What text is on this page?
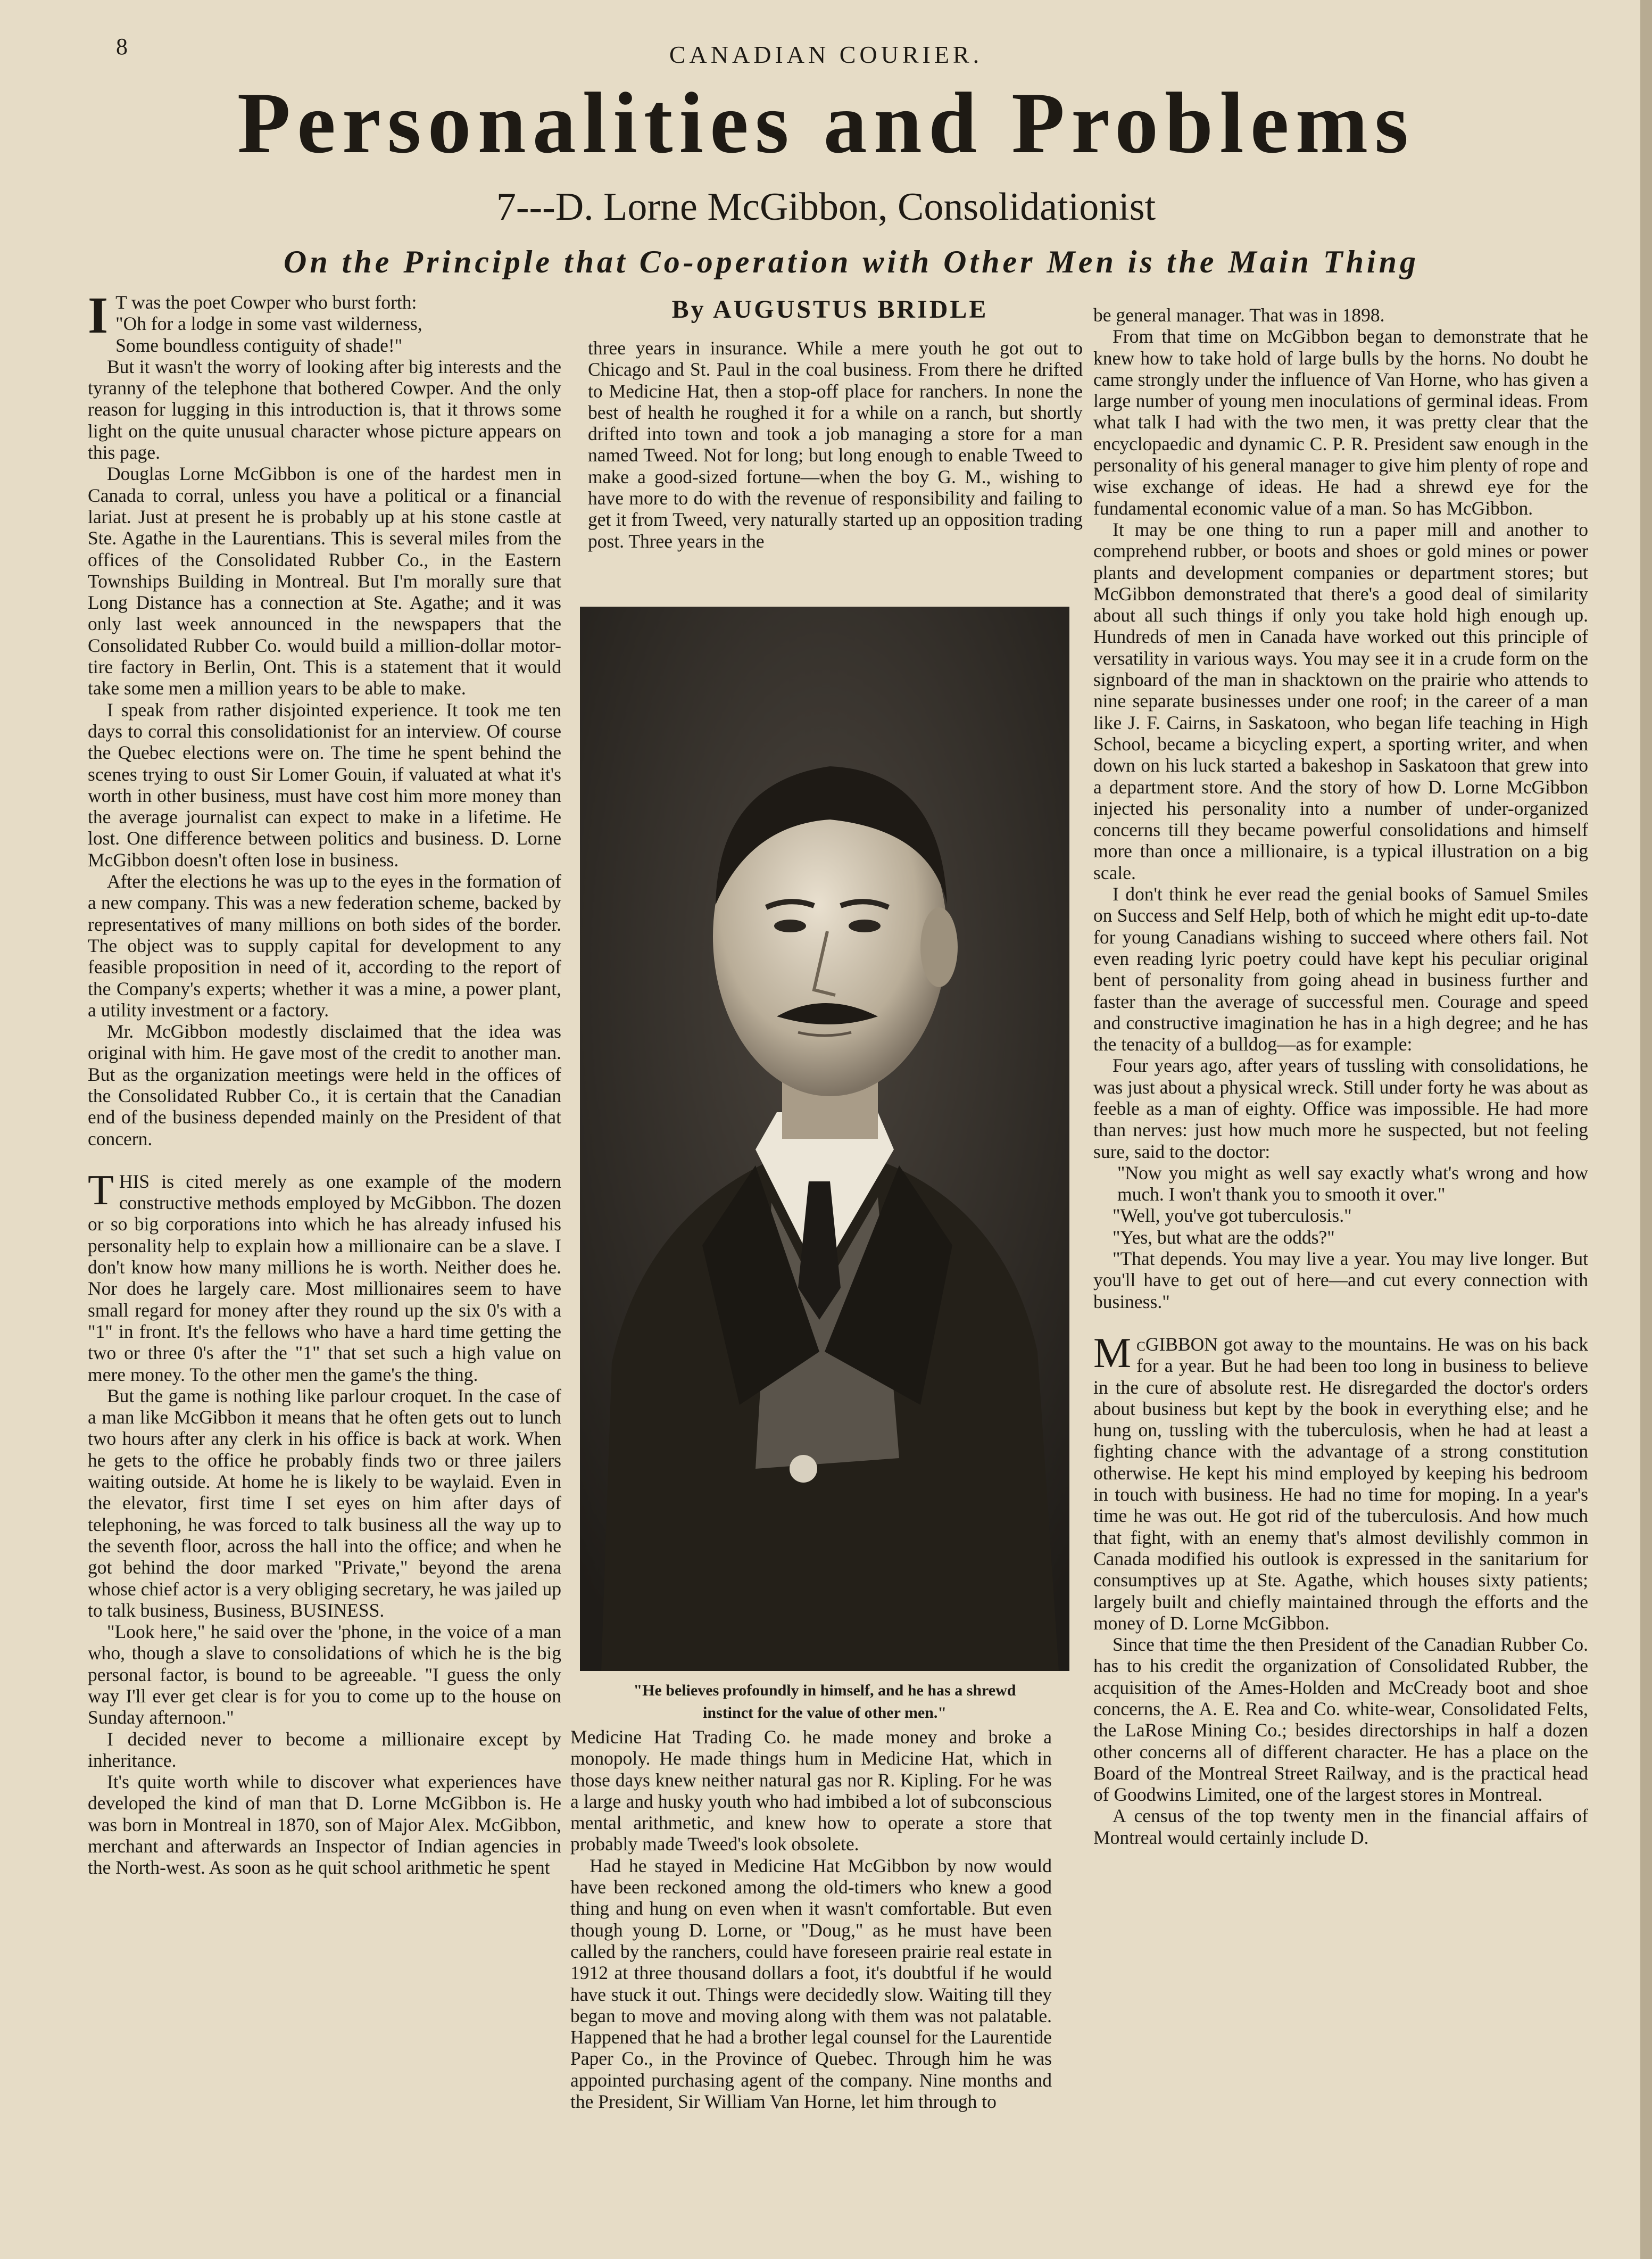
8	CANADIAN COURIER.
Personalities and Problems
7---D. Lorne McGibbon, Consolidationist
On the Principle that Co-operation with Other Men is the Main Thing
By AUGUSTUS BRIDLE

I T was the poet Cowper who burst forth:

"Oh for a lodge in some vast wilderness,

Some boundless contiguity of shade!"

But it wasn't the worry of looking after big interests and the tyranny of the telephone that bothered Cowper. And the only reason for lugging in this introduction is, that it throws some light on the quite unusual character whose picture appears on this page.

Douglas Lorne McGibbon is one of the hardest men in Canada to corral, unless you have a political or a financial lariat. Just at present he is probably up at his stone castle at Ste. Agathe in the Laurentians. This is several miles from the offices of the Consolidated Rubber Co., in the Eastern Townships Building in Montreal. But I'm morally sure that Long Distance has a connection at Ste. Agathe; and it was only last week announced in the newspapers that the Consolidated Rubber Co. would build a million-dollar motor-tire factory in Berlin, Ont. This is a statement that it would take some men a million years to be able to make.

I speak from rather disjointed experience. It took me ten days to corral this consolidationist for an interview. Of course the Quebec elections were on. The time he spent behind the scenes trying to oust Sir Lomer Gouin, if valuated at what it's worth in other business, must have cost him more money than the average journalist can expect to make in a lifetime. He lost. One difference between politics and business. D. Lorne McGibbon doesn't often lose in business.

After the elections he was up to the eyes in the formation of a new company. This was a new federation scheme, backed by representatives of many millions on both sides of the border. The object was to supply capital for development to any feasible proposition in need of it, according to the report of the Company's experts; whether it was a mine, a power plant, a utility investment or a factory.

Mr. McGibbon modestly disclaimed that the idea was original with him. He gave most of the credit to another man. But as the organization meetings were held in the offices of the Consolidated Rubber Co., it is certain that the Canadian end of the business depended mainly on the President of that concern.

THIS is cited merely as one example of the modern constructive methods employed by McGibbon. The dozen or so big corporations into which he has already infused his personality help to explain how a millionaire can be a slave. I don't know how many millions he is worth. Neither does he. Nor does he largely care. Most millionaires seem to have small regard for money after they round up the six 0's with a "1" in front. It's the fellows who have a hard time getting the two or three 0's after the "1" that set such a high value on mere money. To the other men the game's the thing.

But the game is nothing like parlour croquet. In the case of a man like McGibbon it means that he often gets out to lunch two hours after any clerk in his office is back at work. When he gets to the office he probably finds two or three jailers waiting outside. At home he is likely to be waylaid. Even in the elevator, first time I set eyes on him after days of telephoning, he was forced to talk business all the way up to the seventh floor, across the hall into the office; and when he got behind the door marked "Private," beyond the arena whose chief actor is a very obliging secretary, he was jailed up to talk business, Business, BUSINESS.

"Look here," he said over the 'phone, in the voice of a man who, though a slave to consolidations of which he is the big personal factor, is bound to be agreeable. "I guess the only way I'll ever get clear is for you to come up to the house on Sunday afternoon."

I decided never to become a millionaire except by inheritance.

It's quite worth while to discover what experiences have developed the kind of man that D. Lorne McGibbon is. He was born in Montreal in 1870, son of Major Alex. McGibbon, merchant and afterwards an Inspector of Indian agencies in the North-west. As soon as he quit school arithmetic he spent

three years in insurance. While a mere youth he got out to Chicago and St. Paul in the coal business. From there he drifted to Medicine Hat, then a stop-off place for ranchers. In none the best of health he roughed it for a while on a ranch, but shortly drifted into town and took a job managing a store for a man named Tweed. Not for long; but long enough to enable Tweed to make a good-sized fortune—when the boy G. M., wishing to have more to do with the revenue of responsibility and failing to get it from Tweed, very naturally started up an opposition trading post. Three years in the

"He believes profoundly in himself, and he has a shrewd
instinct for the value of other men."

Medicine Hat Trading Co. he made money and broke a monopoly. He made things hum in Medicine Hat, which in those days knew neither natural gas nor R. Kipling. For he was a large and husky youth who had imbibed a lot of subconscious mental arithmetic, and knew how to operate a store that probably made Tweed's look obsolete.

Had he stayed in Medicine Hat McGibbon by now would have been reckoned among the old-timers who knew a good thing and hung on even when it wasn't comfortable. But even though young D. Lorne, or "Doug," as he must have been called by the ranchers, could have foreseen prairie real estate in 1912 at three thousand dollars a foot, it's doubtful if he would have stuck it out. Things were decidedly slow. Waiting till they began to move and moving along with them was not palatable. Happened that he had a brother legal counsel for the Laurentide Paper Co., in the Province of Quebec. Through him he was appointed purchasing agent of the company. Nine months and the President, Sir William Van Horne, let him through to

be general manager. That was in 1898.

From that time on McGibbon began to demonstrate that he knew how to take hold of large bulls by the horns. No doubt he came strongly under the influence of Van Horne, who has given a large number of young men inoculations of germinal ideas. From what talk I had with the two men, it was pretty clear that the encyclopaedic and dynamic C. P. R. President saw enough in the personality of his general manager to give him plenty of rope and wise exchange of ideas. He had a shrewd eye for the fundamental economic value of a man. So has McGibbon.

It may be one thing to run a paper mill and another to comprehend rubber, or boots and shoes or gold mines or power plants and development companies or department stores; but McGibbon demonstrated that there's a good deal of similarity about all such things if only you take hold high enough up. Hundreds of men in Canada have worked out this principle of versatility in various ways. You may see it in a crude form on the signboard of the man in shacktown on the prairie who attends to nine separate businesses under one roof; in the career of a man like J. F. Cairns, in Saskatoon, who began life teaching in High School, became a bicycling expert, a sporting writer, and when down on his luck started a bakeshop in Saskatoon that grew into a department store. And the story of how D. Lorne McGibbon injected his personality into a number of under-organized concerns till they became powerful consolidations and himself more than once a millionaire, is a typical illustration on a big scale.

I don't think he ever read the genial books of Samuel Smiles on Success and Self Help, both of which he might edit up-to-date for young Canadians wishing to succeed where others fail. Not even reading lyric poetry could have kept his peculiar original bent of personality from going ahead in business further and faster than the average of successful men. Courage and speed and constructive imagination he has in a high degree; and he has the tenacity of a bulldog—as for example:

Four years ago, after years of tussling with consolidations, he was just about a physical wreck. Still under forty he was about as feeble as a man of eighty. Office was impossible. He had more than nerves: just how much more he suspected, but not feeling sure, said to the doctor:

"Now you might as well say exactly what's wrong and how much. I won't thank you to smooth it over."

"Well, you've got tuberculosis."

"Yes, but what are the odds?"

"That depends. You may live a year. You may live longer. But you'll have to get out of here—and cut every connection with business."

McGIBBON got away to the mountains. He was on his back for a year. But he had been too long in business to believe in the cure of absolute rest. He disregarded the doctor's orders about business but kept by the book in everything else; and he hung on, tussling with the tuberculosis, when he had at least a fighting chance with the advantage of a strong constitution otherwise. He kept his mind employed by keeping his bedroom in touch with business. He had no time for moping. In a year's time he was out. He got rid of the tuberculosis. And how much that fight, with an enemy that's almost devilishly common in Canada modified his outlook is expressed in the sanitarium for consumptives up at Ste. Agathe, which houses sixty patients; largely built and chiefly maintained through the efforts and the money of D. Lorne McGibbon.

Since that time the then President of the Canadian Rubber Co. has to his credit the organization of Consolidated Rubber, the acquisition of the Ames-Holden and McCready boot and shoe concerns, the A. E. Rea and Co. white-wear, Consolidated Felts, the LaRose Mining Co.; besides directorships in half a dozen other concerns all of different character. He has a place on the Board of the Montreal Street Railway, and is the practical head of Goodwins Limited, one of the largest stores in Montreal.

A census of the top twenty men in the financial affairs of Montreal would certainly include D.
